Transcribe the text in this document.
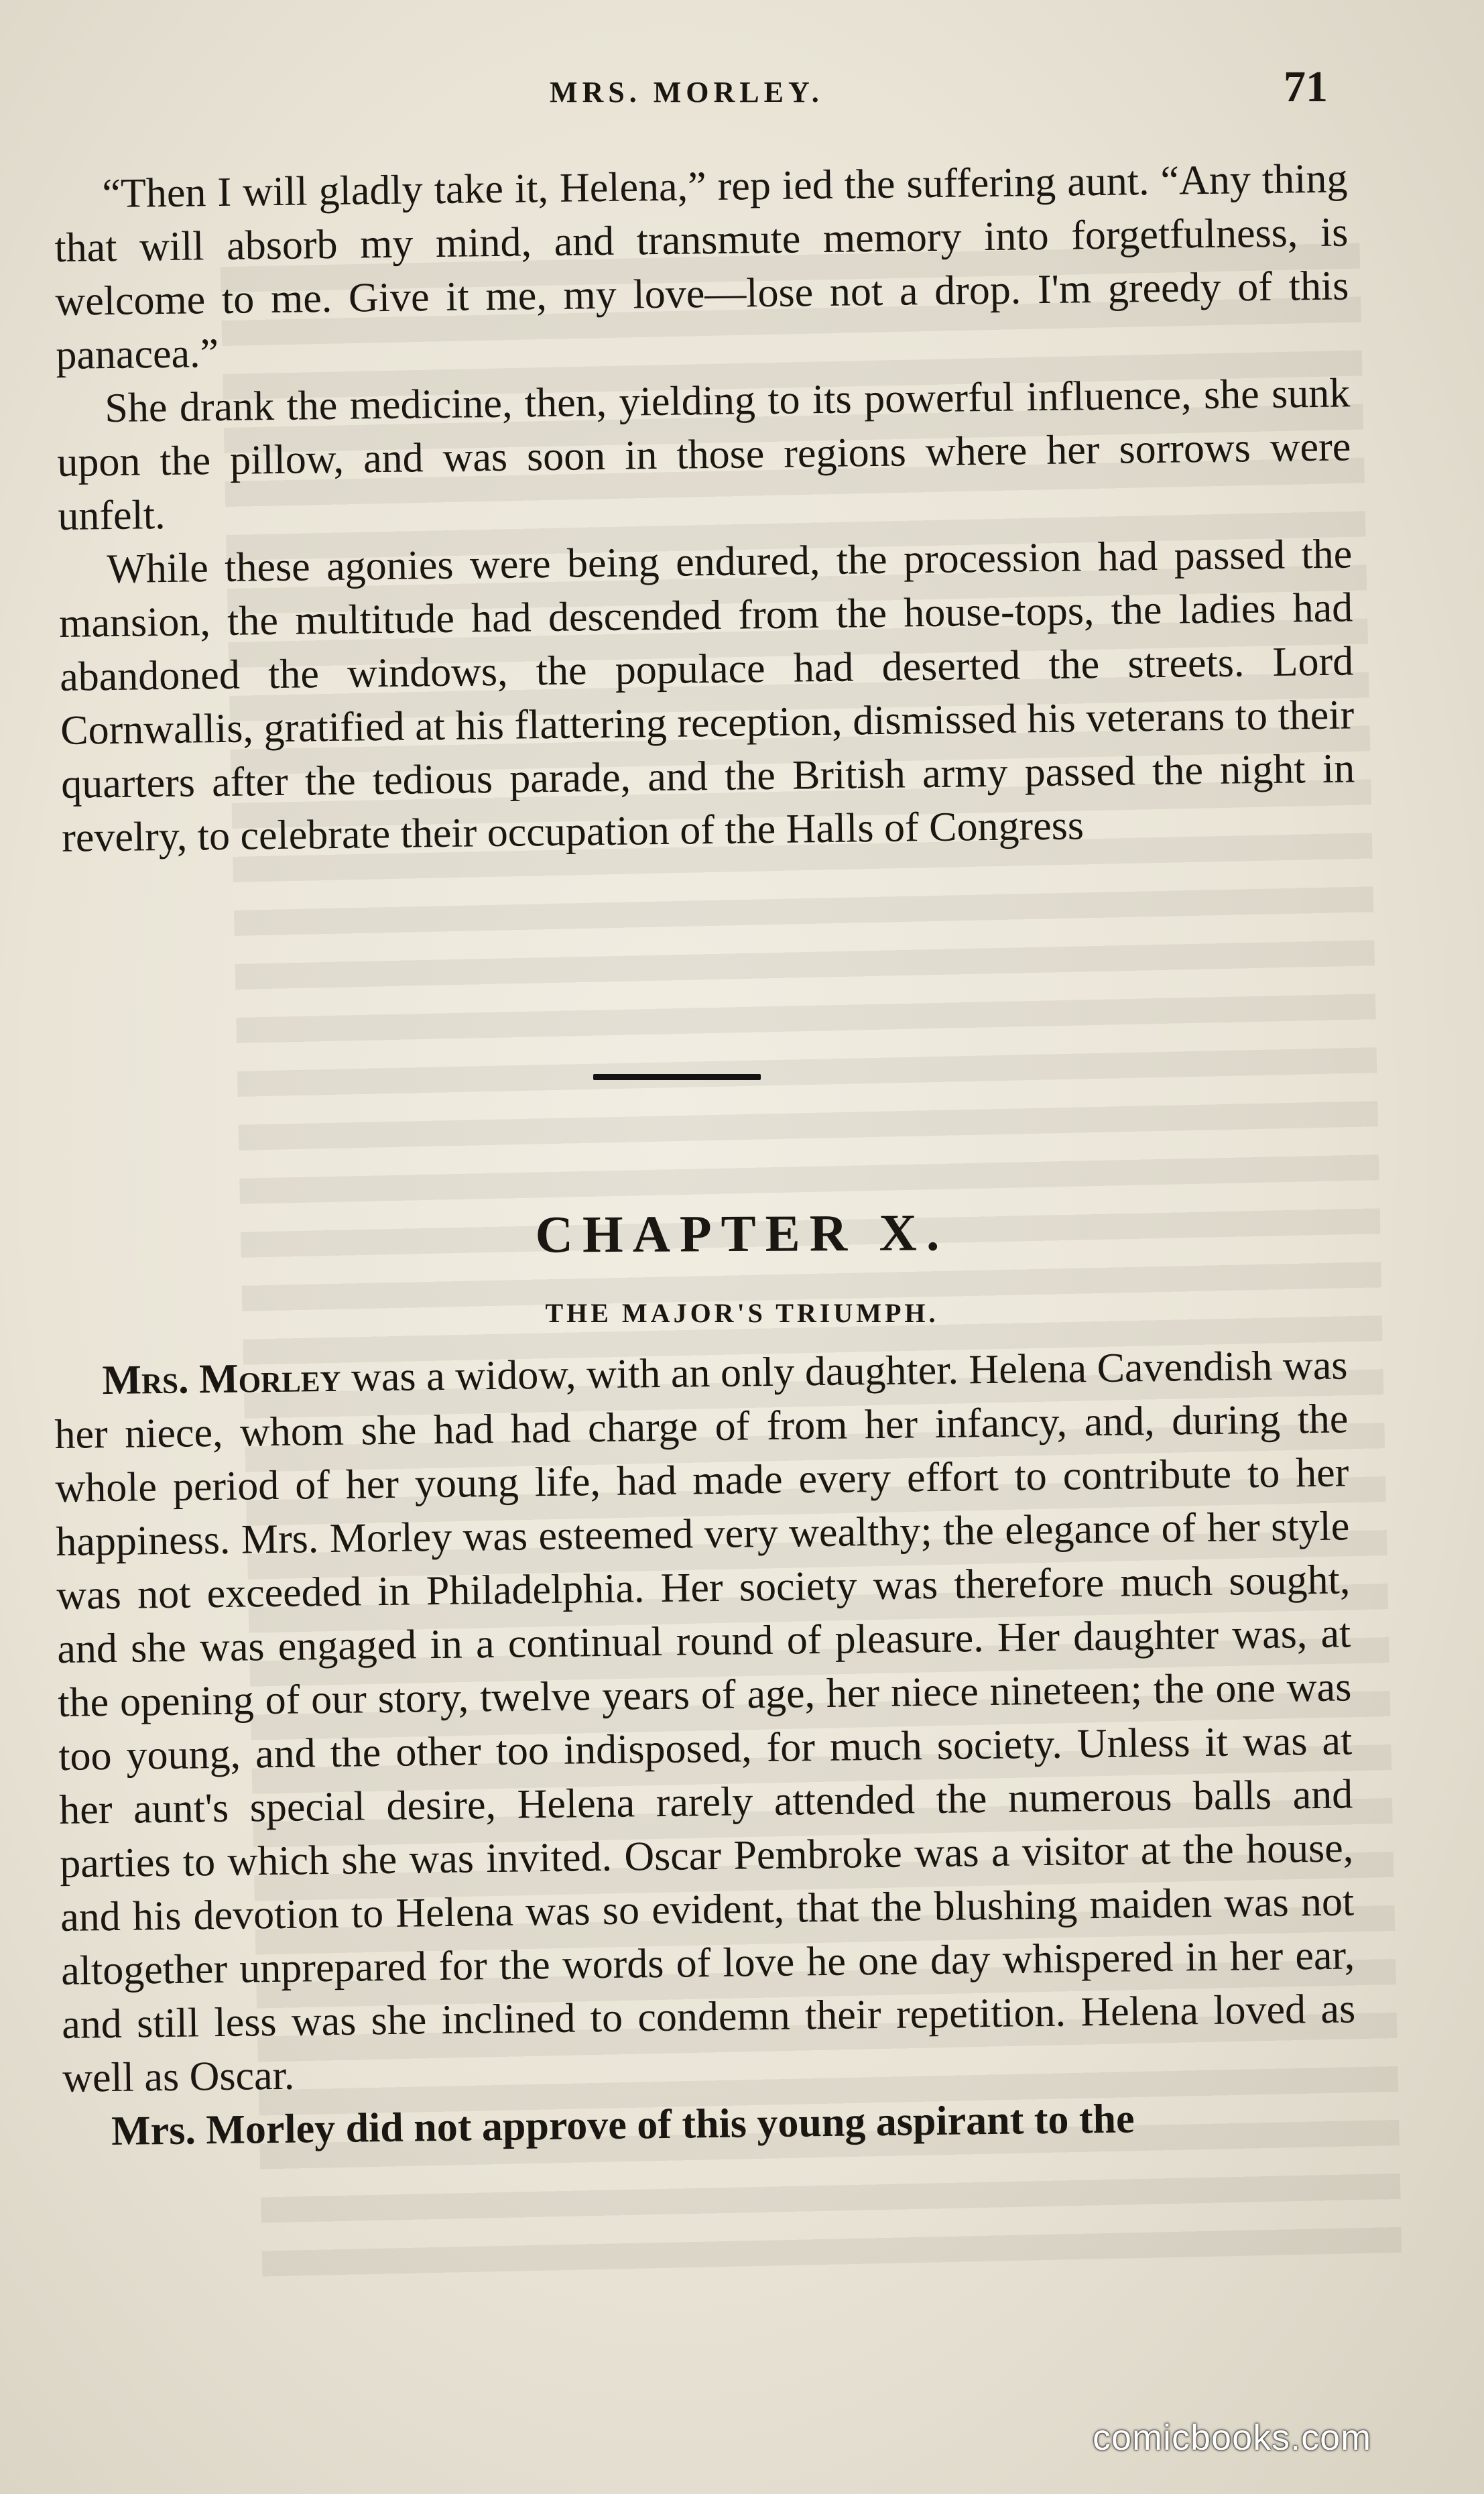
MRS. MORLEY.	71

“Then I will gladly take it, Helena,” rep ied the suffering aunt. “Any thing that will absorb my mind, and transmute memory into forgetfulness, is welcome to me. Give it me, my love—lose not a drop. I'm greedy of this panacea.”

She drank the medicine, then, yielding to its powerful influence, she sunk upon the pillow, and was soon in those regions where her sorrows were unfelt.

While these agonies were being endured, the procession had passed the mansion, the multitude had descended from the house-tops, the ladies had abandoned the windows, the populace had deserted the streets. Lord Cornwallis, gratified at his flattering reception, dismissed his veterans to their quarters after the tedious parade, and the British army passed the night in revelry, to celebrate their occupation of the Halls of Congress

CHAPTER X.
THE MAJOR'S TRIUMPH.

Mrs. Morley was a widow, with an only daughter. Helena Cavendish was her niece, whom she had had charge of from her infancy, and, during the whole period of her young life, had made every effort to contribute to her happiness. Mrs. Morley was esteemed very wealthy; the elegance of her style was not exceeded in Philadelphia. Her society was therefore much sought, and she was engaged in a continual round of pleasure. Her daughter was, at the opening of our story, twelve years of age, her niece nineteen; the one was too young, and the other too indisposed, for much society. Unless it was at her aunt's special desire, Helena rarely attended the numerous balls and parties to which she was invited. Oscar Pembroke was a visitor at the house, and his devotion to Helena was so evident, that the blushing maiden was not altogether unprepared for the words of love he one day whispered in her ear, and still less was she inclined to condemn their repetition. Helena loved as well as Oscar.

Mrs. Morley did not approve of this young aspirant to the

comicbooks.com
